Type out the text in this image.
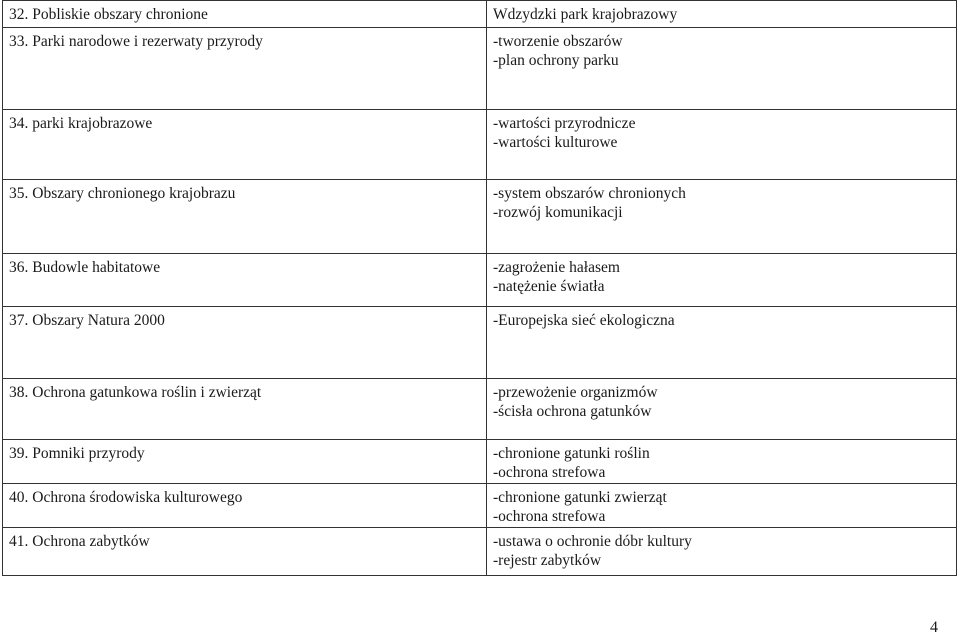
32. Pobliskie obszary chronione	Wdzydzki park krajobrazowy

33. Parki narodowe i rezerwaty przyrody	-tworzenie obszarów
-plan ochrony parku

34. parki krajobrazowe	-wartości przyrodnicze
-wartości kulturowe

35. Obszary chronionego krajobrazu	-system obszarów chronionych
-rozwój komunikacji

36. Budowle habitatowe	-zagrożenie hałasem
-natężenie światła

37. Obszary Natura 2000	-Europejska sieć ekologiczna

38. Ochrona gatunkowa roślin i zwierząt	-przewożenie organizmów
-ścisła ochrona gatunków

39. Pomniki przyrody	-chronione gatunki roślin
-ochrona strefowa

40. Ochrona środowiska kulturowego	-chronione gatunki zwierząt
-ochrona strefowa

41. Ochrona zabytków	-ustawa o ochronie dóbr kultury
-rejestr zabytków
4
